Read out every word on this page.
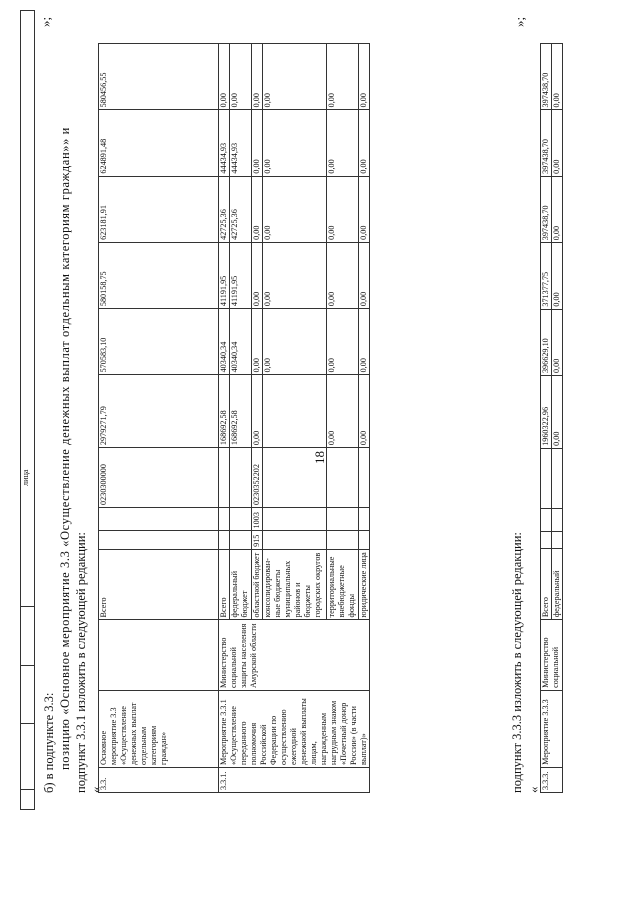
18
				лица
б) в подпункте 3.3:
»;
позицию «Основное мероприятие 3.3 «Осуществление денежных выплат отдельным категориям граждан»» и подпункт 3.3.1 изложить в следующей редакции: «
3.3.	Основное мероприятие 3.3 «Осуществление денежных выплат отдельным категориям граждан»		Всего			0230300000	2979271,79	570583,10	580158,75	623181,91	624891,48	580456,55
3.3.1.	Мероприятие 3.3.1 «Осуществление переданного полномочия Российской Федерации по осуществлению ежегодной денежной выплаты лицам, награжденным нагрудным знаком «Почетный донор России» (в части выплат)»	Министерство социальной защиты населения Амурской области	Всего				168692,58	40340,34	41191,95	42725,36	44434,93	0,00
			федеральный бюджет				168692,58	40340,34	41191,95	42725,36	44434,93	0,00
			областной бюджет	915	1003	0230352202	0,00	0,00	0,00	0,00	0,00	0,00
			консолидирован-ные бюджеты муниципальных районов и бюджеты городских округов					0,00	0,00	0,00	0,00	0,00
			территориальные внебюджетные фонды				0,00	0,00	0,00	0,00	0,00	0,00
			юридические лица				0,00	0,00	0,00	0,00	0,00	0,00
»;
подпункт 3.3.3 изложить в следующей редакции: « 3.3.3.	Мероприятие 3.3.3	Министерство социальной	Всего				1960322,96	396629,10	371377,75	397438,70	397438,70	397438,70
			федеральный				0,00	0,00	0,00	0,00	0,00	0,00
